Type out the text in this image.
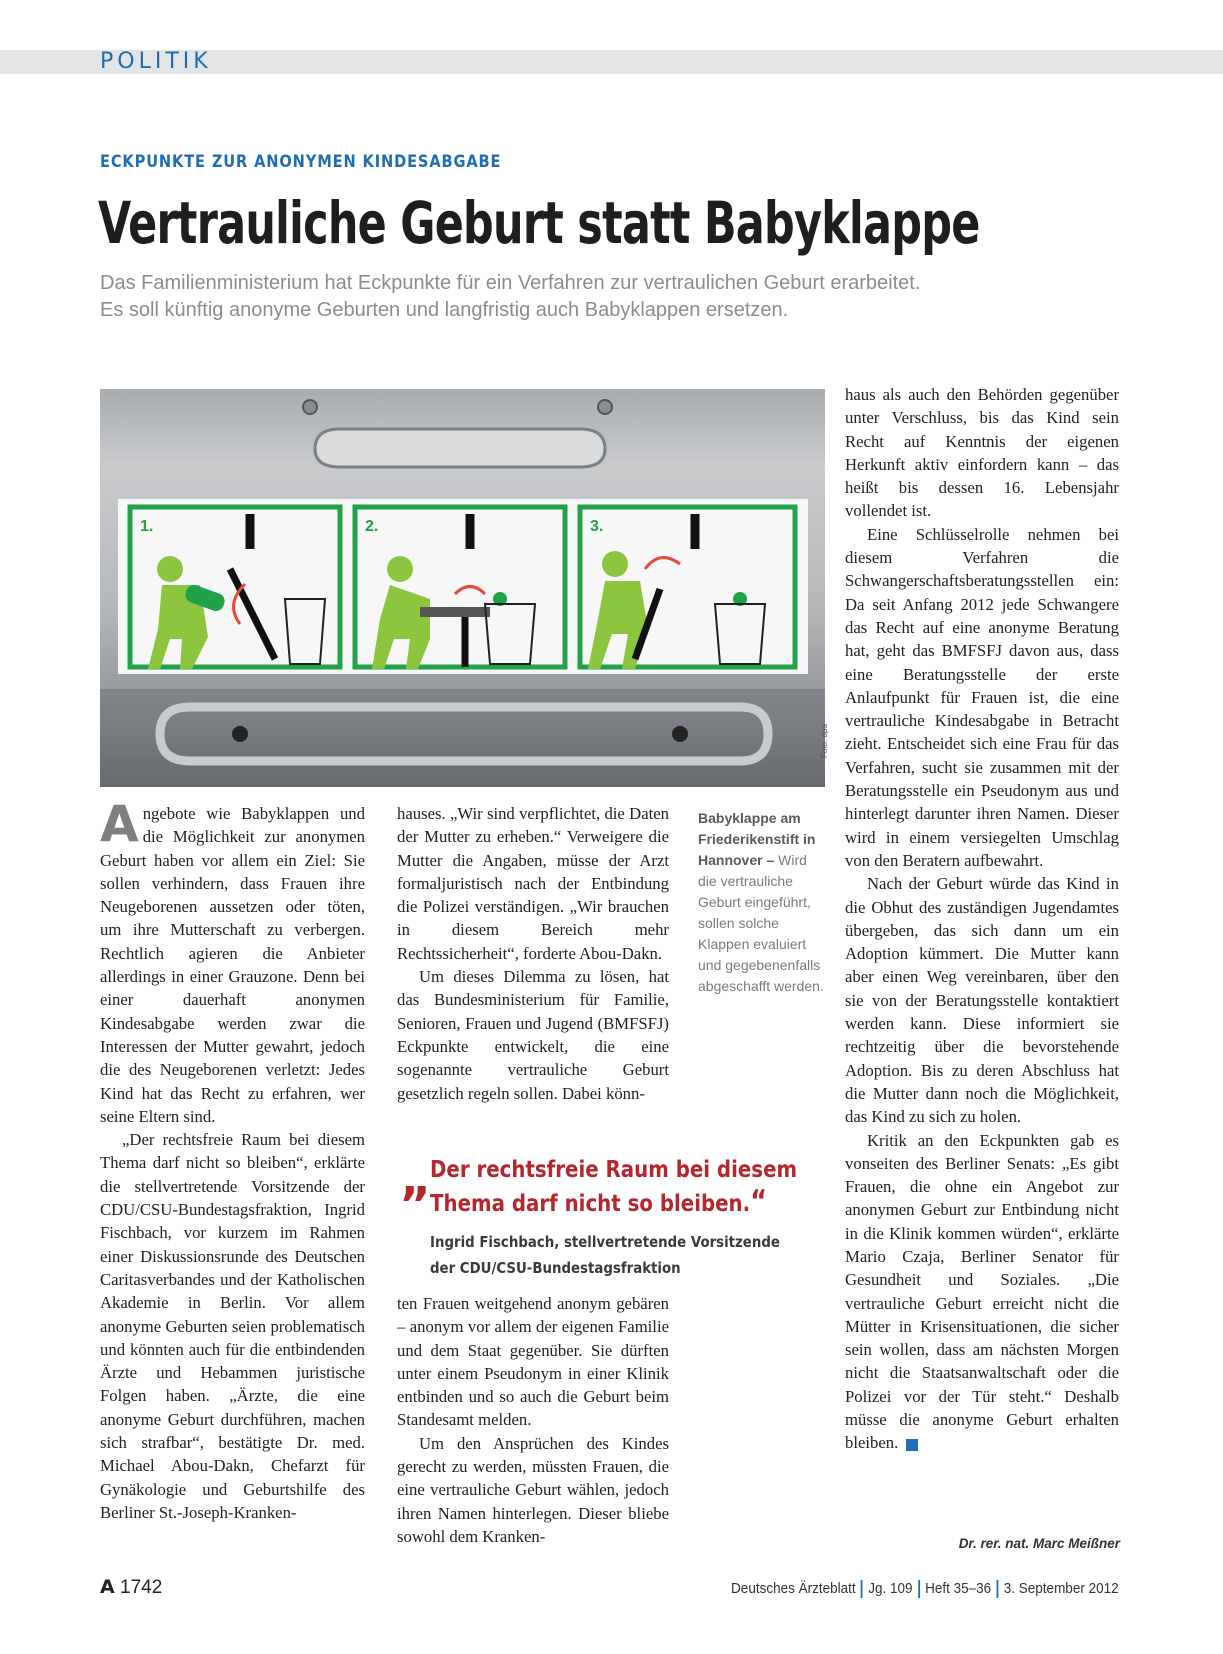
POLITIK
ECKPUNKTE ZUR ANONYMEN KINDESABGABE
Vertrauliche Geburt statt Babyklappe
Das Familienministerium hat Eckpunkte für ein Verfahren zur vertraulichen Geburt erarbeitet.
Es soll künftig anonyme Geburten und langfristig auch Babyklappen ersetzen.
1.	2.	3.
Foto: dpa
Babyklappe am Friederikenstift in Hannover – Wird die vertrauliche Geburt eingeführt, sollen solche Klappen evaluiert und gegebenenfalls abgeschafft werden.

Angebote wie Babyklappen und die Möglichkeit zur anonymen Geburt haben vor allem ein Ziel: Sie sollen verhindern, dass Frauen ihre Neugeborenen aussetzen oder töten, um ihre Mutterschaft zu verbergen. Rechtlich agieren die Anbieter allerdings in einer Grauzone. Denn bei einer dauerhaft anonymen Kindesabgabe werden zwar die Interessen der Mutter gewahrt, jedoch die des Neugeborenen verletzt: Jedes Kind hat das Recht zu erfahren, wer seine Eltern sind.

„Der rechtsfreie Raum bei diesem Thema darf nicht so bleiben“, erklärte die stellvertretende Vorsitzende der CDU/CSU-Bundestagsfraktion, Ingrid Fischbach, vor kurzem im Rahmen einer Diskussionsrunde des Deutschen Caritasverbandes und der Katholischen Akademie in Berlin. Vor allem anonyme Geburten seien problematisch und könnten auch für die entbindenden Ärzte und Hebammen juristische Folgen haben. „Ärzte, die eine anonyme Geburt durchführen, machen sich strafbar“, bestätigte Dr. med. Michael Abou-Dakn, Chefarzt für Gynäkologie und Geburtshilfe des Berliner St.-Joseph-Kranken-

hauses. „Wir sind verpflichtet, die Daten der Mutter zu erheben.“ Verweigere die Mutter die Angaben, müsse der Arzt formaljuristisch nach der Entbindung die Polizei verständigen. „Wir brauchen in diesem Bereich mehr Rechtssicherheit“, forderte Abou-Dakn.

Um dieses Dilemma zu lösen, hat das Bundesministerium für Familie, Senioren, Frauen und Jugend (BMFSFJ) Eckpunkte entwickelt, die eine sogenannte vertrauliche Geburt gesetzlich regeln sollen. Dabei könn-

„
Der rechtsfreie Raum bei diesem
Thema darf nicht so bleiben.“
Ingrid Fischbach, stellvertretende Vorsitzende
der CDU/CSU-Bundestagsfraktion

ten Frauen weitgehend anonym gebären – anonym vor allem der eigenen Familie und dem Staat gegenüber. Sie dürften unter einem Pseudonym in einer Klinik entbinden und so auch die Geburt beim Standesamt melden.

Um den Ansprüchen des Kindes gerecht zu werden, müssten Frauen, die eine vertrauliche Geburt wählen, jedoch ihren Namen hinterlegen. Dieser bliebe sowohl dem Kranken-

haus als auch den Behörden gegenüber unter Verschluss, bis das Kind sein Recht auf Kenntnis der eigenen Herkunft aktiv einfordern kann – das heißt bis dessen 16. Lebensjahr vollendet ist.

Eine Schlüsselrolle nehmen bei diesem Verfahren die Schwangerschaftsberatungsstellen ein: Da seit Anfang 2012 jede Schwangere das Recht auf eine anonyme Beratung hat, geht das BMFSFJ davon aus, dass eine Beratungsstelle der erste Anlaufpunkt für Frauen ist, die eine vertrauliche Kindesabgabe in Betracht zieht. Entscheidet sich eine Frau für das Verfahren, sucht sie zusammen mit der Beratungsstelle ein Pseudonym aus und hinterlegt darunter ihren Namen. Dieser wird in einem versiegelten Umschlag von den Beratern aufbewahrt.

Nach der Geburt würde das Kind in die Obhut des zuständigen Jugendamtes übergeben, das sich dann um ein Adoption kümmert. Die Mutter kann aber einen Weg vereinbaren, über den sie von der Beratungsstelle kontaktiert werden kann. Diese informiert sie rechtzeitig über die bevorstehende Adoption. Bis zu deren Abschluss hat die Mutter dann noch die Möglichkeit, das Kind zu sich zu holen.

Kritik an den Eckpunkten gab es vonseiten des Berliner Senats: „Es gibt Frauen, die ohne ein Angebot zur anonymen Geburt zur Entbindung nicht in die Klinik kommen würden“, erklärte Mario Czaja, Berliner Senator für Gesundheit und Soziales. „Die vertrauliche Geburt erreicht nicht die Mütter in Krisensituationen, die sicher sein wollen, dass am nächsten Morgen nicht die Staatsanwaltschaft oder die Polizei vor der Tür steht.“ Deshalb müsse die anonyme Geburt erhalten bleiben.

Dr. rer. nat. Marc Meißner
A 1742	Deutsches Ärzteblatt Jg. 109 Heft 35–36 3. September 2012
